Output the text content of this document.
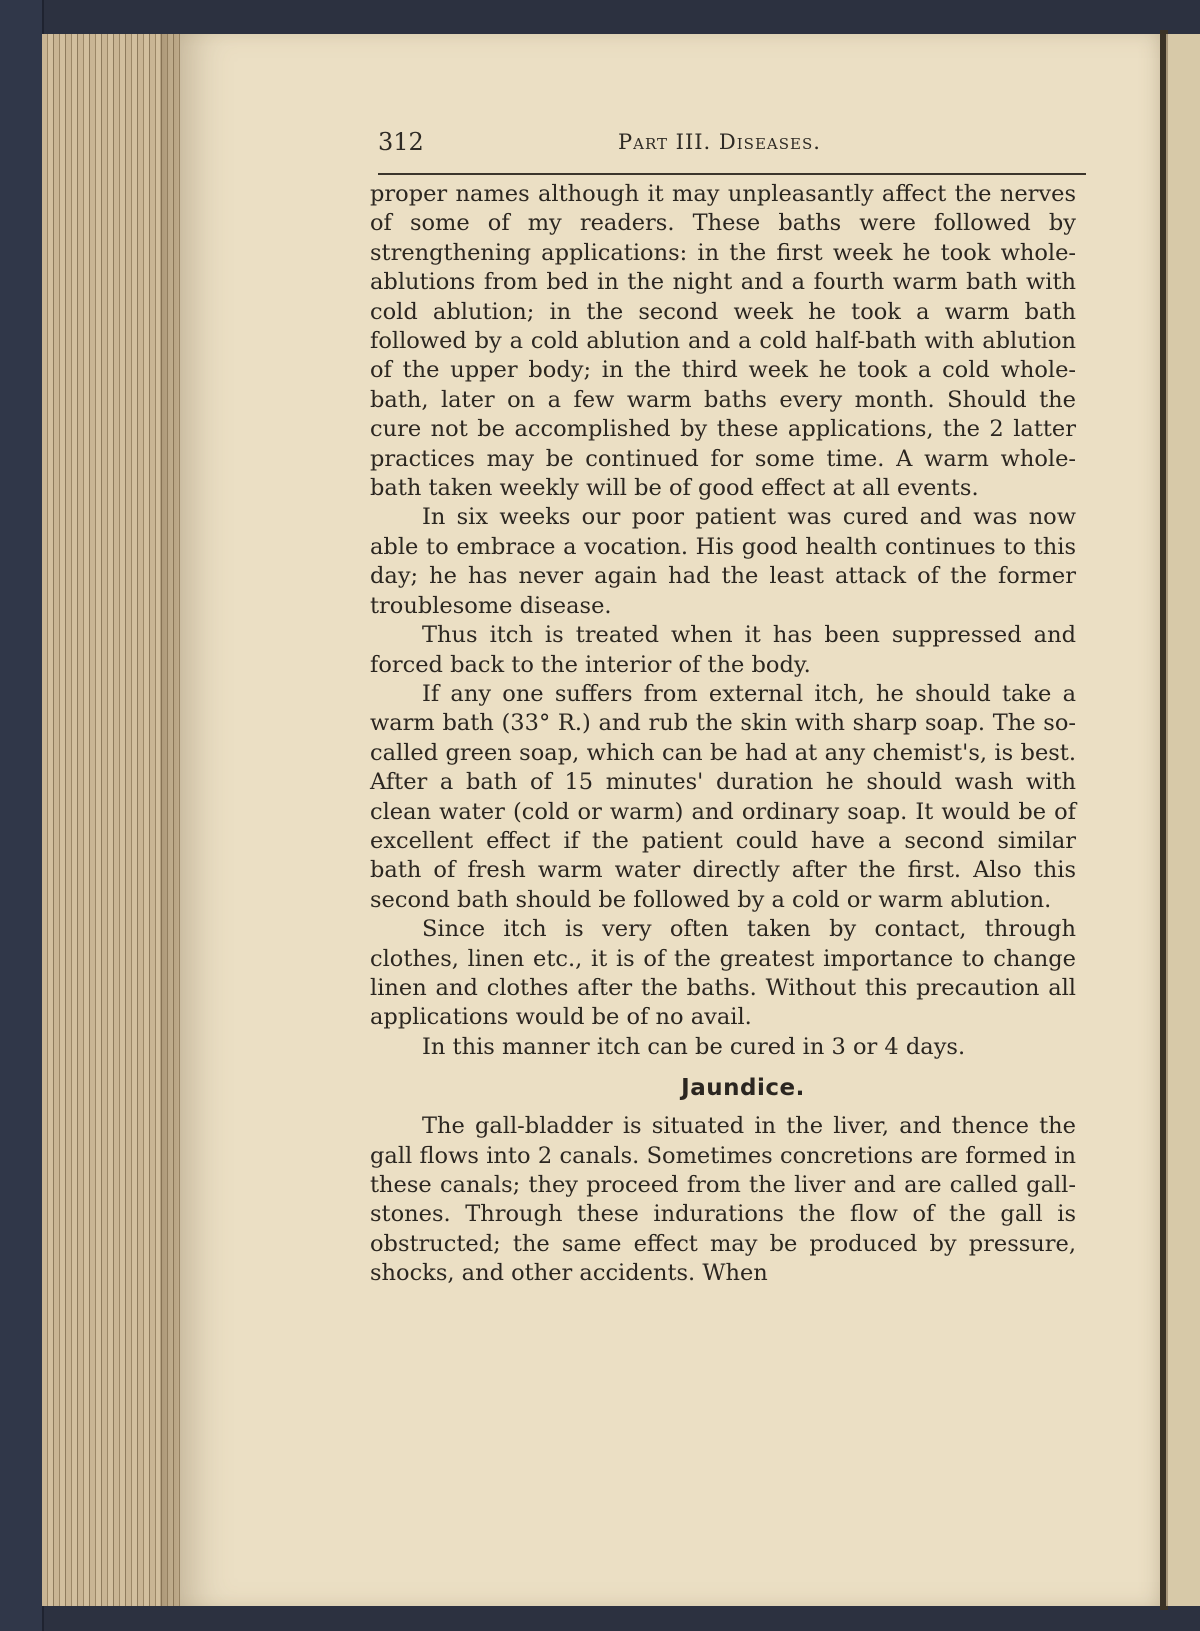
312	Part III. Diseases.

proper names although it may unpleasantly affect the nerves of some of my readers. These baths were followed by strengthening applications: in the first week he took whole-ablutions from bed in the night and a fourth warm bath with cold ablution; in the second week he took a warm bath followed by a cold ablution and a cold half-bath with ablution of the upper body; in the third week he took a cold whole-bath, later on a few warm baths every month. Should the cure not be accomplished by these applications, the 2 latter practices may be continued for some time. A warm whole-bath taken weekly will be of good effect at all events.

In six weeks our poor patient was cured and was now able to embrace a vocation. His good health continues to this day; he has never again had the least attack of the former troublesome disease.

Thus itch is treated when it has been suppressed and forced back to the interior of the body.

If any one suffers from external itch, he should take a warm bath (33° R.) and rub the skin with sharp soap. The so-called green soap, which can be had at any chemist's, is best. After a bath of 15 minutes' duration he should wash with clean water (cold or warm) and ordinary soap. It would be of excellent effect if the patient could have a second similar bath of fresh warm water directly after the first. Also this second bath should be followed by a cold or warm ablution.

Since itch is very often taken by contact, through clothes, linen etc., it is of the greatest importance to change linen and clothes after the baths. Without this precaution all applications would be of no avail.

In this manner itch can be cured in 3 or 4 days.

Jaundice.

The gall-bladder is situated in the liver, and thence the gall flows into 2 canals. Sometimes concretions are formed in these canals; they proceed from the liver and are called gall-stones. Through these indurations the flow of the gall is obstructed; the same effect may be produced by pressure, shocks, and other accidents. When
